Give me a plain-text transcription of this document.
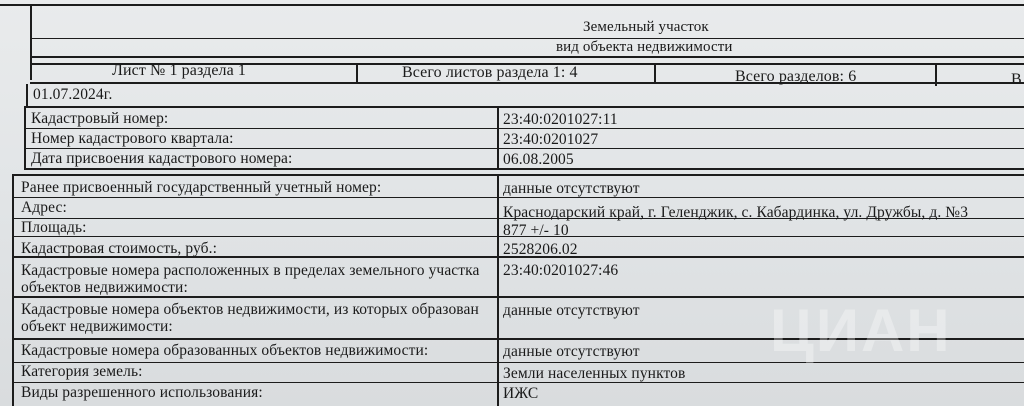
Земельный участок
вид объекта недвижимости
Лист № 1 раздела 1	Всего листов раздела 1: 4	Всего разделов: 6	В
01.07.2024г.
Кадастровый номер:	23:40:0201027:11
Номер кадастрового квартала:	23:40:0201027
Дата присвоения кадастрового номера:	06.08.2005
Ранее присвоенный государственный учетный номер:	данные отсутствуют
Адрес:	Краснодарский край, г. Геленджик, с. Кабардинка, ул. Дружбы, д. №3
Площадь:	877 +/- 10
Кадастровая стоимость, руб.:	2528206.02
Кадастровые номера расположенных в пределах земельного участка объектов недвижимости:
23:40:0201027:46
Кадастровые номера объектов недвижимости, из которых образован объект недвижимости:
данные отсутствуют
Кадастровые номера образованных объектов недвижимости:	данные отсутствуют
Категория земель:	Земли населенных пунктов
Виды разрешенного использования:	ИЖС
ЦИАН
